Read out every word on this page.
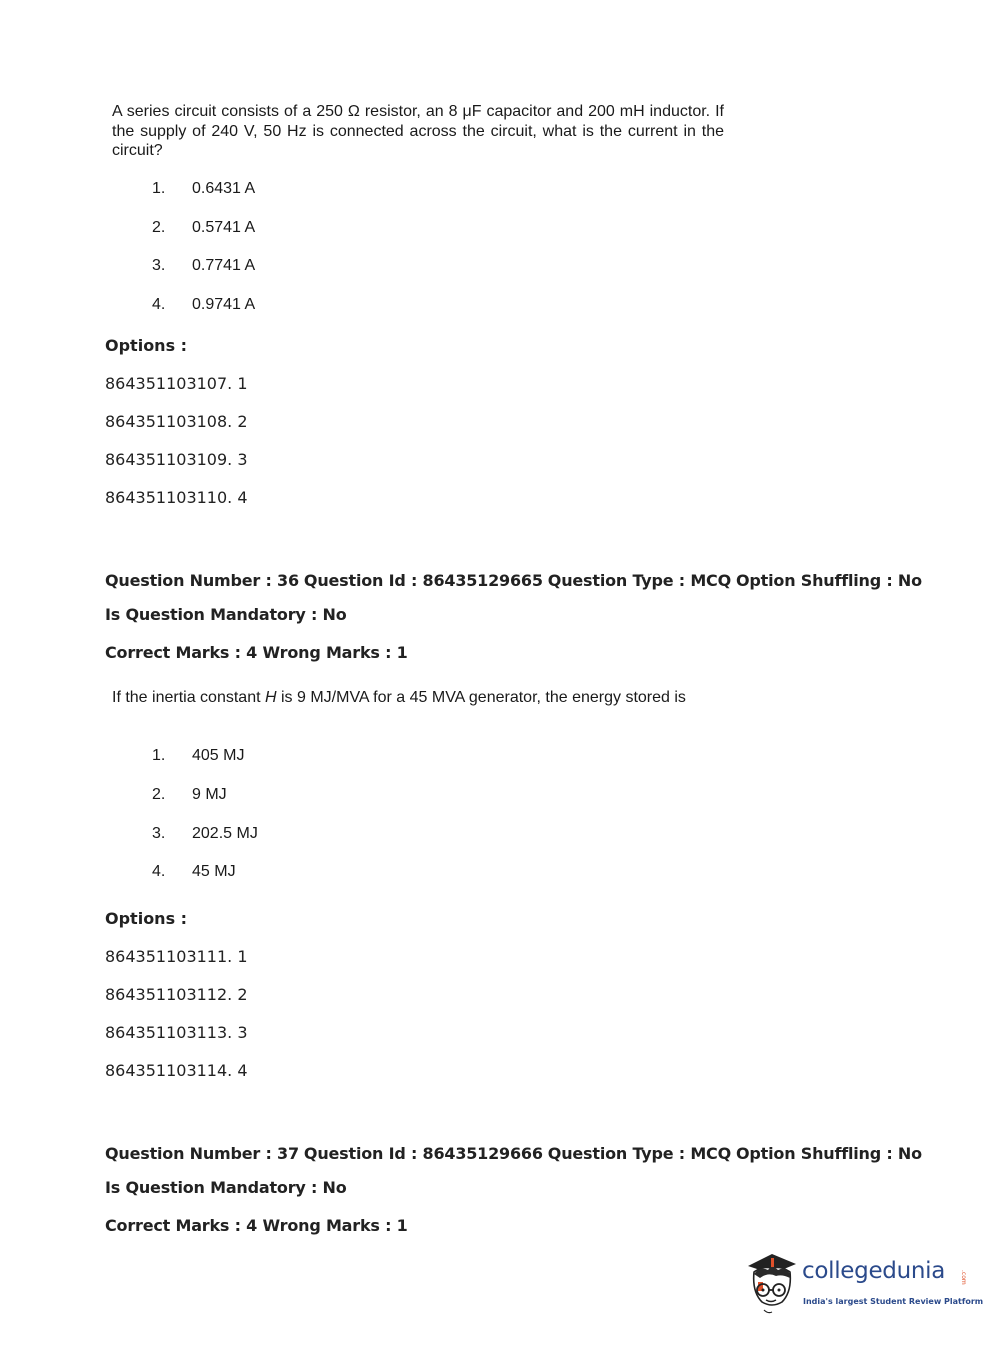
A series circuit consists of a 250 Ω resistor, an 8 μF capacitor and 200 mH inductor. If the supply of 240 V, 50 Hz is connected across the circuit, what is the current in the circuit?
1. 0.6431 A
2. 0.5741 A
3. 0.7741 A
4. 0.9741 A
Options :
864351103107. 1
864351103108. 2
864351103109. 3
864351103110. 4
Question Number : 36 Question Id : 86435129665 Question Type : MCQ Option Shuffling : No
Is Question Mandatory : No
Correct Marks : 4 Wrong Marks : 1
If the inertia constant H is 9 MJ/MVA for a 45 MVA generator, the energy stored is
1. 405 MJ
2. 9 MJ
3. 202.5 MJ
4. 45 MJ
Options :
864351103111. 1
864351103112. 2
864351103113. 3
864351103114. 4
Question Number : 37 Question Id : 86435129666 Question Type : MCQ Option Shuffling : No
Is Question Mandatory : No
Correct Marks : 4 Wrong Marks : 1
collegedunia .com
India's largest Student Review Platform
